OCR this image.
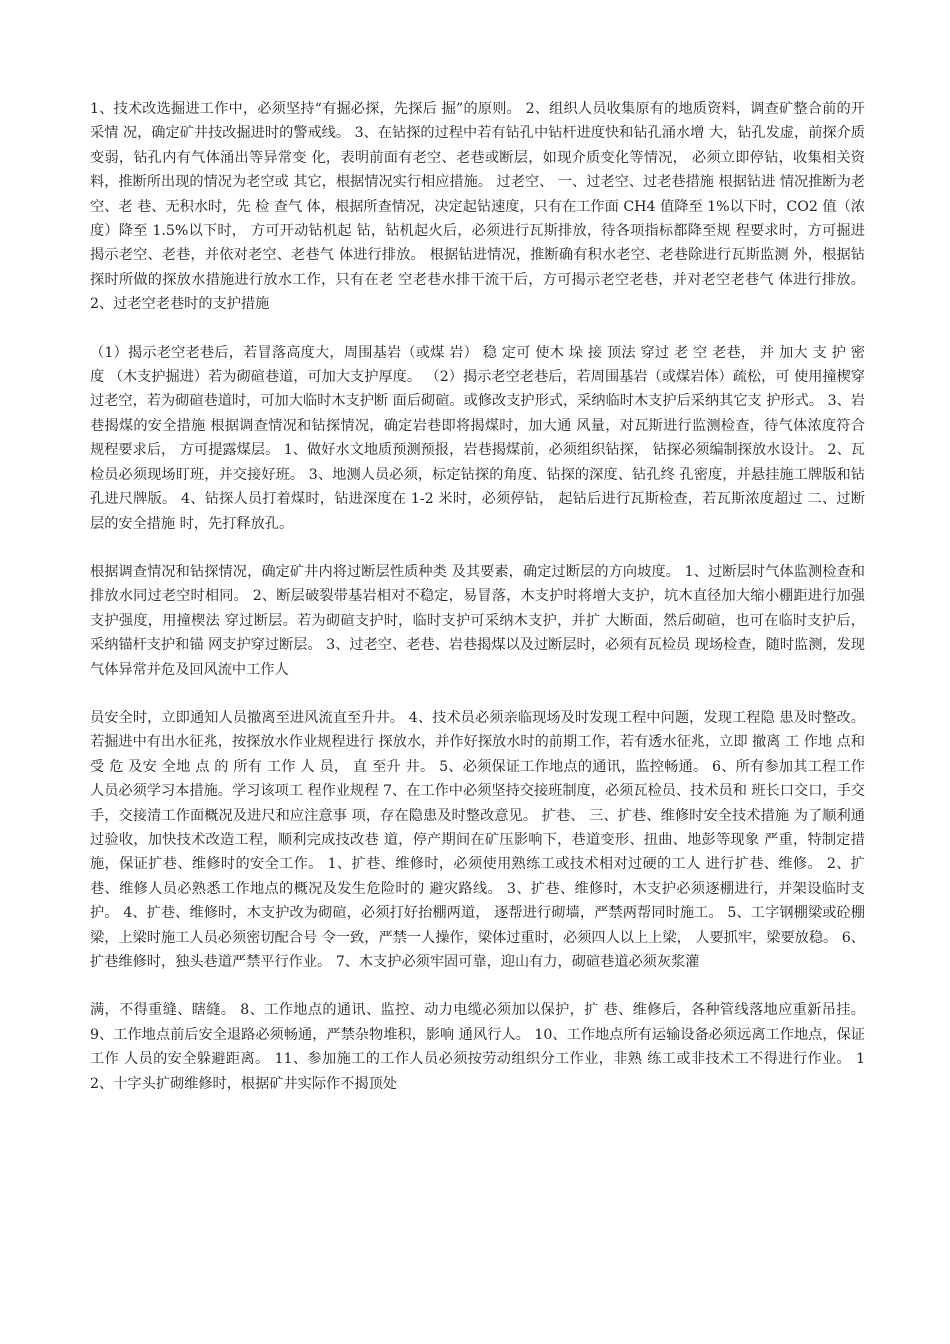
1、技术改选掘进工作中，必须坚持“有掘必探，先探后 掘”的原则。 2、组织人员收集原有的地质资料，调查矿整合前的开采情 况，确定矿井技改掘进时的警戒线。 3、在钻探的过程中若有钻孔中钻杆进度快和钻孔涌水增 大，钻孔发虚，前探介质变弱，钻孔内有气体涌出等异常变 化，表明前面有老空、老巷或断层，如现介质变化等情况， 必须立即停钻，收集相关资料，推断所出现的情况为老空或 其它，根据情况实行相应措施。 过老空、 一、过老空、过老巷措施 根据钻进 情况推断为老 空、老 巷、无积水时，先 检 查气 体，根据所查情况，决定起钻速度，只有在工作面 CH4 值降至 1%以下时，CO2 值（浓度）降至 1.5%以下时， 方可开动钻机起 钻，钻机起火后，必须进行瓦斯排放，待各项指标都降至规 程要求时，方可掘进揭示老空、老巷，并依对老空、老巷气 体进行排放。 根据钻进情况，推断确有积水老空、老巷除进行瓦斯监测 外，根据钻探时所做的探放水措施进行放水工作，只有在老 空老巷水排干流干后，方可揭示老空老巷，并对老空老巷气 体进行排放。 2、过老空老巷时的支护措施

（1）揭示老空老巷后，若冒落高度大，周围基岩（或煤 岩） 稳 定可 使木 垛 接 顶法 穿过 老 空 老巷， 并 加大 支 护 密度 （木支护掘进）若为砌碹巷道，可加大支护厚度。 （2）揭示老空老巷后，若周围基岩（或煤岩体）疏松，可 使用撞楔穿过老空，若为砌碹巷道时，可加大临时木支护断 面后砌碹。或修改支护形式，采纳临时木支护后采纳其它支 护形式。 3、岩巷揭煤的安全措施 根据调查情况和钻探情况，确定岩巷即将揭煤时，加大通 风量，对瓦斯进行监测检查，待气体浓度符合规程要求后， 方可提露煤层。 1、做好水文地质预测预报，岩巷揭煤前，必须组织钻探， 钻探必须编制探放水设计。 2、瓦检员必须现场盯班，并交接好班。 3、地测人员必须，标定钻探的角度、钻探的深度、钻孔终 孔密度，并悬挂施工牌版和钻孔进尺牌版。 4、钻探人员打着煤时，钻进深度在 1-2 米时，必须停钻， 起钻后进行瓦斯检查，若瓦斯浓度超过 二、过断层的安全措施 时，先打释放孔。

根据调查情况和钻探情况，确定矿井内将过断层性质种类 及其要素，确定过断层的方向坡度。 1、过断层时气体监测检查和排放水同过老空时相同。 2、断层破裂带基岩相对不稳定，易冒落，木支护时将增大支护，坑木直径加大缩小棚距进行加强支护强度，用撞楔法 穿过断层。若为砌碹支护时，临时支护可采纳木支护，并扩 大断面，然后砌碹，也可在临时支护后，采纳锚杆支护和锚 网支护穿过断层。 3、过老空、老巷、岩巷揭煤以及过断层时，必须有瓦检员 现场检查，随时监测，发现气体异常并危及回风流中工作人

员安全时，立即通知人员撤离至进风流直至升井。 4、技术员必须亲临现场及时发现工程中问题，发现工程隐 患及时整改。若掘进中有出水征兆，按探放水作业规程进行 探放水，并作好探放水时的前期工作，若有透水征兆，立即 撤离 工 作地 点和 受 危 及安 全地 点 的 所有 工作 人 员， 直 至升 井。 5、必须保证工作地点的通讯，监控畅通。 6、所有参加其工程工作人员必须学习本措施。学习该项工 程作业规程 7、在工作中必须坚持交接班制度，必须瓦检员、技术员和 班长口交口，手交手，交接清工作面概况及进尺和应注意事 项，存在隐患及时整改意见。 扩巷、 三、扩巷、维修时安全技术措施 为了顺利通过验收，加快技术改造工程，顺利完成技改巷 道，停产期间在矿压影响下，巷道变形、扭曲、地彭等现象 严重，特制定措施，保证扩巷、维修时的安全工作。 1、扩巷、维修时，必须使用熟练工或技术相对过硬的工人 进行扩巷、维修。 2、扩巷、维修人员必熟悉工作地点的概况及发生危险时的 避灾路线。 3、扩巷、维修时，木支护必须逐棚进行，并架设临时支 护。 4、扩巷、维修时，木支护改为砌碹，必须打好抬棚两道， 逐帮进行砌墙，严禁两帮同时施工。 5、工字钢棚梁或砼棚梁，上梁时施工人员必须密切配合号 令一致，严禁一人操作，梁体过重时，必须四人以上上梁， 人要抓牢，梁要放稳。 6、扩巷维修时，独头巷道严禁平行作业。 7、木支护必须牢固可靠，迎山有力，砌碹巷道必须灰浆灌

满，不得重缝、瞎缝。 8、工作地点的通讯、监控、动力电缆必须加以保护，扩 巷、维修后，各种管线落地应重新吊挂。 9、工作地点前后安全退路必须畅通，严禁杂物堆积，影响 通风行人。 10、工作地点所有运输设备必须远离工作地点，保证工作 人员的安全躲避距离。 11、参加施工的工作人员必须按劳动组织分工作业，非熟 练工或非技术工不得进行作业。 12、十字头扩砌维修时，根据矿井实际作不揭顶处
